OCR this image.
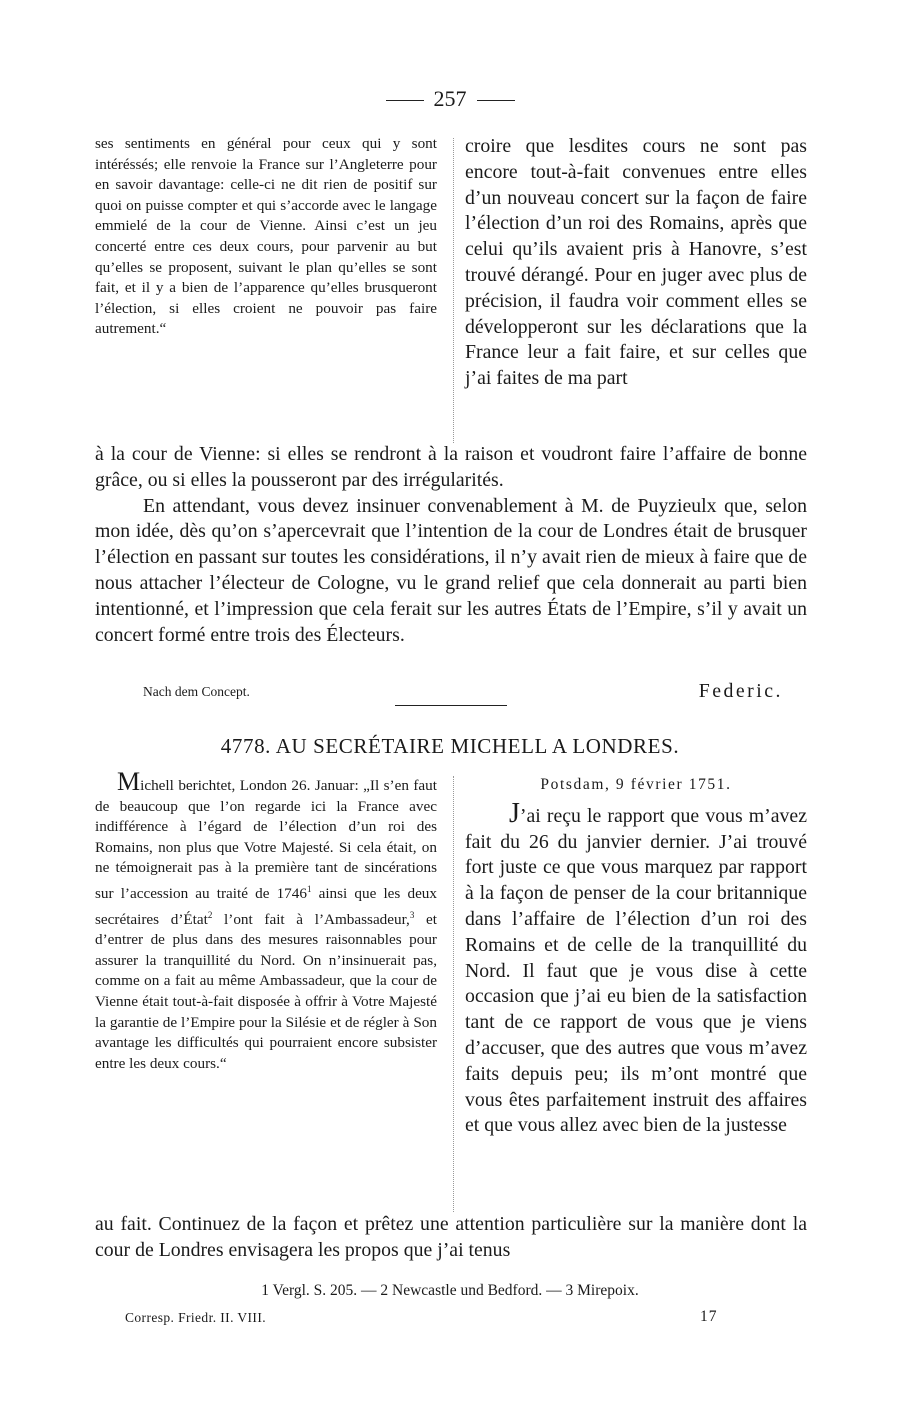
257

ses sentiments en général pour ceux qui y sont intéréssés; elle renvoie la France sur l’Angleterre pour en savoir davantage: celle-ci ne dit rien de positif sur quoi on puisse compter et qui s’accorde avec le langage emmielé de la cour de Vienne. Ainsi c’est un jeu concerté entre ces deux cours, pour parvenir au but qu’elles se proposent, suivant le plan qu’elles se sont fait, et il y a bien de l’apparence qu’elles brusqueront l’élection, si elles croient ne pouvoir pas faire autrement.“

croire que lesdites cours ne sont pas encore tout-à-fait convenues entre elles d’un nouveau concert sur la façon de faire l’élection d’un roi des Romains, après que celui qu’ils avaient pris à Hanovre, s’est trouvé dérangé. Pour en juger avec plus de précision, il faudra voir comment elles se développeront sur les déclarations que la France leur a fait faire, et sur celles que j’ai faites de ma part

à la cour de Vienne: si elles se rendront à la raison et voudront faire l’affaire de bonne grâce, ou si elles la pousseront par des irrégularités.

En attendant, vous devez insinuer convenablement à M. de Puyzieulx que, selon mon idée, dès qu’on s’apercevrait que l’intention de la cour de Londres était de brusquer l’élection en passant sur toutes les considérations, il n’y avait rien de mieux à faire que de nous attacher l’électeur de Cologne, vu le grand relief que cela donnerait au parti bien intentionné, et l’impression que cela ferait sur les autres États de l’Empire, s’il y avait un concert formé entre trois des Électeurs.

Nach dem Concept.	Federic.
4778. AU SECRÉTAIRE MICHELL A LONDRES.

Michell berichtet, London 26. Januar: „Il s’en faut de beaucoup que l’on regarde ici la France avec indifférence à l’égard de l’élection d’un roi des Romains, non plus que Votre Majesté. Si cela était, on ne témoignerait pas à la première tant de sincérations sur l’accession au traité de 1746$^1$ ainsi que les deux secrétaires d’État$^2$ l’ont fait à l’Ambassadeur,$^3$ et d’entrer de plus dans des mesures raisonnables pour assurer la tranquillité du Nord. On n’insinuerait pas, comme on a fait au même Ambassadeur, que la cour de Vienne était tout-à-fait disposée à offrir à Votre Majesté la garantie de l’Empire pour la Silésie et de régler à Son avantage les difficultés qui pourraient encore subsister entre les deux cours.“

Potsdam, 9 février 1751.

J’ai reçu le rapport que vous m’avez fait du 26 du janvier dernier. J’ai trouvé fort juste ce que vous marquez par rapport à la façon de penser de la cour britannique dans l’affaire de l’élection d’un roi des Romains et de celle de la tranquillité du Nord. Il faut que je vous dise à cette occasion que j’ai eu bien de la satisfaction tant de ce rapport de vous que je viens d’accuser, que des autres que vous m’avez faits depuis peu; ils m’ont montré que vous êtes parfaitement instruit des affaires et que vous allez avec bien de la justesse

au fait. Continuez de la façon et prêtez une attention particulière sur la manière dont la cour de Londres envisagera les propos que j’ai tenus

1 Vergl. S. 205. — 2 Newcastle und Bedford. — 3 Mirepoix.
Corresp. Friedr. II. VIII.	17
